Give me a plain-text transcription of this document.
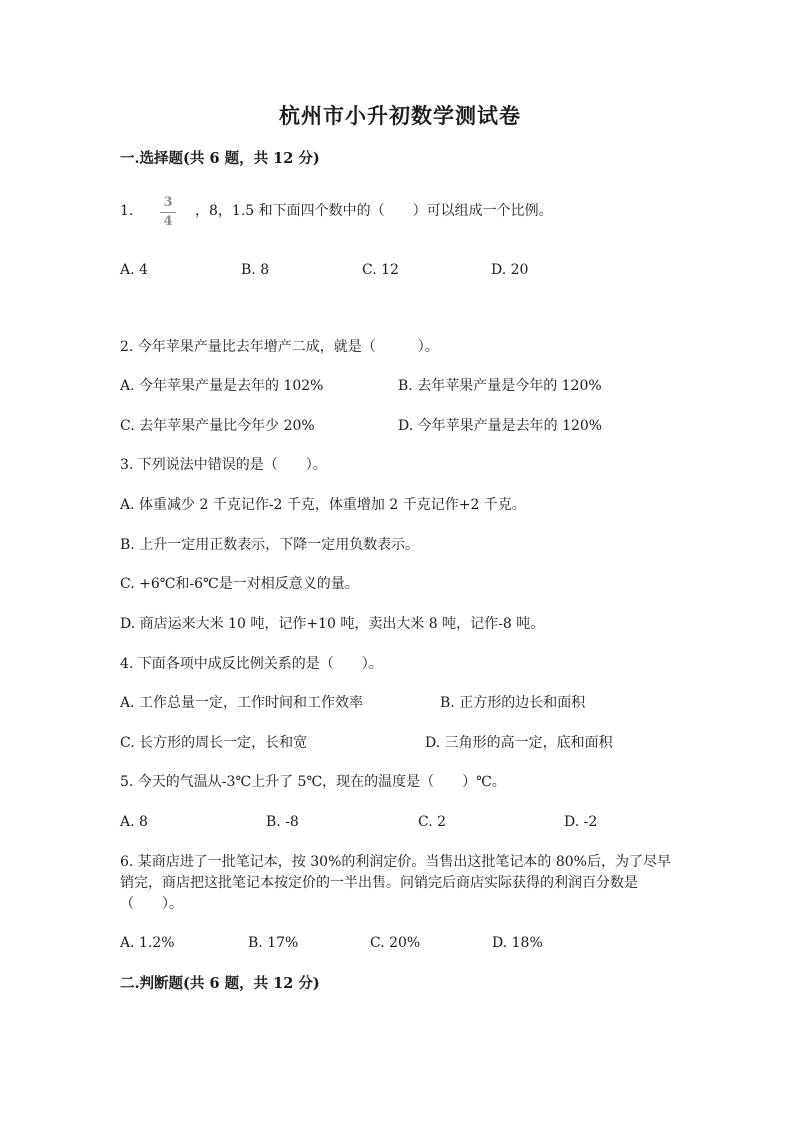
杭州市小升初数学测试卷
一.选择题(共 6 题，共 12 分)
1.
3
4
，8，1.5 和下面四个数中的（　　）可以组成一个比例。
A. 4	B. 8	C. 12	D. 20
2. 今年苹果产量比去年增产二成，就是（　　　）。
A. 今年苹果产量是去年的 102%	B. 去年苹果产量是今年的 120%
C. 去年苹果产量比今年少 20%	D. 今年苹果产量是去年的 120%
3. 下列说法中错误的是（　　）。
A. 体重减少 2 千克记作-2 千克，体重增加 2 千克记作+2 千克。
B. 上升一定用正数表示，下降一定用负数表示。
C. +6℃和-6℃是一对相反意义的量。
D. 商店运来大米 10 吨，记作+10 吨，卖出大米 8 吨，记作-8 吨。
4. 下面各项中成反比例关系的是（　　）。
A. 工作总量一定，工作时间和工作效率	B. 正方形的边长和面积
C. 长方形的周长一定，长和宽	D. 三角形的高一定，底和面积
5. 今天的气温从-3℃上升了 5℃，现在的温度是（　　）℃。
A. 8	B. -8	C. 2	D. -2
6. 某商店进了一批笔记本，按 30%的利润定价。当售出这批笔记本的 80%后，为了尽早销完，商店把这批笔记本按定价的一半出售。问销完后商店实际获得的利润百分数是（　　）。
A. 1.2%	B. 17%	C. 20%	D. 18%
二.判断题(共 6 题，共 12 分)
